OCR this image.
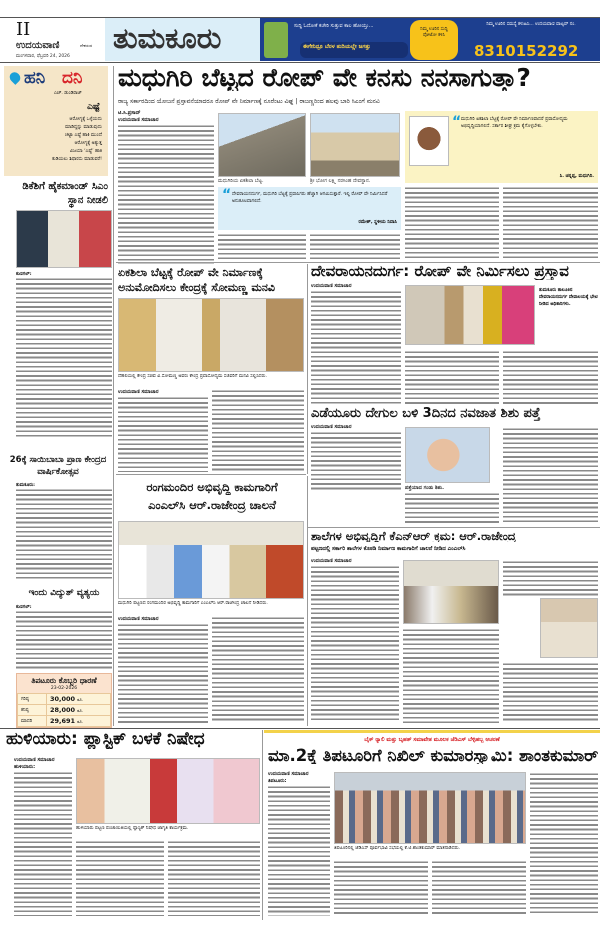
II
ಉದಯವಾಣಿ	ದೇಶಸಂರ
ಮಂಗಳವಾರ, ಫೆಬ್ರವರಿ 24, 2026
ತುಮಕೂರು	ಸುದ್ದಿ ಓದೋಕೆ ಕಚೇರಿ ಸುತ್ತುವ ಕಾಲ ಹೋಯ್ತು...
ಈಗೇನಿದ್ರೂ ಬೆರಳ ತುದಿಯಲ್ಲೇ ಜಗತ್ತು
ನಿಮ್ಮ ಊರಿನ ಸುದ್ದಿ ಪೋಟೋ ಕಳಿಸಿ
ನಿಮ್ಮ ಊರಿನ ಸಮಸ್ಯೆ ಕಳುಹಿಸಿ... ಉದಯವಾಣಿ ವಾಟ್ಸಪ್ ನಂ.
8310152292
ಹನಿ ದನಿ
ಎಚ್. ಡುಂಡಿರಾಜ್
ಎಷ್ಟೆ
ಆರೋಗ್ಯಕ್ಕೆ ಒಳ್ಳೆಯದು
ಮಾಡಿದ್ದನ್ನು ಮಾಡುವುದು
ಚಟ್ಟಾ ಎಷ್ಟೆ ಹಾಕಿ ಮುಂದೆ
ಆರೋಗ್ಯಕ್ಕೆ ಅತ್ಯುತ್ತ
ವಿಜಯಾ ‘ಎಷ್ಟೆ’ ಹಾಕಿ
ಕುಡಿಯಲು ಶಿಫಾರಸು ಮಾಡುವರೆ!
ಡಿಕೆಶಿಗೆ ಹೈಕಮಾಂಡ್ ಸಿಎಂ ಸ್ಥಾನ ನೀಡಲಿ
ಕುಣಿಗಲ್:
26ಕ್ಕೆ ಸಾಯಿಬಾಬಾ ಪ್ರಾಣ ಕೇಂದ್ರದ ವಾರ್ಷಿಕೋತ್ಸವ
ತುಮಕೂರು:
ಇಂದು ವಿದ್ಯುತ್ ವ್ಯತ್ಯಯ
ಕುಣಿಗಲ್:
ತಿಪಟೂರು ಕೊಬ್ಬರಿ ಧಾರಣೆ
23-02-2026
ಗರಿಷ್ಠ	30,000 ರೂ.
ಕನಿಷ್ಠ	28,000 ರೂ.
ಮಾದರಿ	29,691 ರೂ.
ಮಧುಗಿರಿ ಬೆಟ್ಟದ ರೋಪ್ ವೇ ಕನಸು ನನಸಾಗುತ್ತಾ?
ರಾಜ್ಯ ಸರ್ಕಾರದಿಂದ ಯೋಜನೆ ಪ್ರಸ್ತಾವನೆಯಾದರೂ ರೋಪ್ ವೇ ನಿರ್ಮಾಣಕ್ಕೆ ನೂರೆಂಟು ವಿಘ್ನ | ರಾಜಣ್ಣರಿಂದ ಹಲವು ಬಾರಿ ಸಿಎಂಗೆ ಮನವಿ
ಟಿ.ಸಿ.ಪ್ರಸಾದ್
ಉದಯವಾಣಿ ಸಮಾಚಾರ
ಮಧುಗಿರಿಯ ಏಕಶಿಲಾ ಬೆಟ್ಟ.	ಶ್ರೀ ಭೋಗ ಲಕ್ಷ್ಮಿ ನರಸಿಂಹ ದೇವಸ್ಥಾನ.
“ ಮಧುಗಿರಿ ಏಕಶಿಲಾ ಬೆಟ್ಟಕ್ಕೆ ರೋಪ್ ವೇ ನಿರ್ಮಾಣವಾದರೆ ಪ್ರವಾಸೋದ್ಯಮ ಅಭಿವೃದ್ಧಿಯಾಗಲಿದೆ. ಸರ್ಕಾರ ಶೀಘ್ರ ಕ್ರಮ ಕೈಗೊಳ್ಳಬೇಕು.
ಸಿ. ಚನ್ನಪ್ಪ, ಮಧುಗಿರಿ.
“ ದೇವರಾಯನದುರ್ಗ, ಮಧುಗಿರಿ ಬೆಟ್ಟಕ್ಕೆ ಪ್ರವಾಸಿಗರು ಹೆಚ್ಚಾಗಿ ಆಗಮಿಸುತ್ತಾರೆ. ಇಲ್ಲಿ ರೋಪ್ ವೇ ನಿರ್ಮಿಸಿದರೆ ಅನುಕೂಲವಾಗಲಿದೆ.
ರಮೇಶ್, ಸ್ಥಳೀಯ ನಿವಾಸಿ
ಏಕಶಿಲಾ ಬೆಟ್ಟಕ್ಕೆ ರೋಪ್ ವೇ ನಿರ್ಮಾಣಕ್ಕೆ
ಅನುಮೋದಿಸಲು ಕೇಂದ್ರಕ್ಕೆ ಸೋಮಣ್ಣ ಮನವಿ
ದೆಹಲಿಯಲ್ಲಿ ಕೇಂದ್ರ ಸಚಿವ ವಿ.ಸೋಮಣ್ಣ ಅವರು ಕೇಂದ್ರ ಪ್ರವಾಸೋದ್ಯಮ ಸಚಿವರಿಗೆ ಮನವಿ ಸಲ್ಲಿಸಿದರು.
ಉದಯವಾಣಿ ಸಮಾಚಾರ
ದೇವರಾಯನದುರ್ಗ: ರೋಪ್ ವೇ ನಿರ್ಮಿಸಲು ಪ್ರಸ್ತಾವ
ಉದಯವಾಣಿ ಸಮಾಚಾರ
ತುಮಕೂರು ತಾಲೂಕಿನ ದೇವರಾಯನದುರ್ಗ ದೇವಾಲಯಕ್ಕೆ ಭೇಟಿ ನೀಡಿದ ಅಧಿಕಾರಿಗಳು.
ಎಡೆಯೂರು ದೇಗುಲ ಬಳಿ 3ದಿನದ ನವಜಾತ ಶಿಶು ಪತ್ತೆ
ಉದಯವಾಣಿ ಸಮಾಚಾರ
ಪತ್ತೆಯಾದ ಗಂಡು ಶಿಶು.
ರಂಗಮಂದಿರ ಅಭಿವೃದ್ಧಿ ಕಾಮಗಾರಿಗೆ
ಎಂಎಲ್‌ಸಿ ಆರ್.ರಾಜೇಂದ್ರ ಚಾಲನೆ
ಮಧುಗಿರಿ ಪಟ್ಟಣದ ರಂಗಮಂದಿರ ಅಭಿವೃದ್ಧಿ ಕಾಮಗಾರಿಗೆ ಎಂಎಲ್‌ಸಿ ಆರ್.ರಾಜೇಂದ್ರ ಚಾಲನೆ ನೀಡಿದರು.
ಉದಯವಾಣಿ ಸಮಾಚಾರ
ಶಾಲೆಗಳ ಅಭಿವೃದ್ಧಿಗೆ ಕೆಎನ್‌ಆರ್ ಕ್ರಮ: ಆರ್.ರಾಜೇಂದ್ರ
ಪಟ್ಟಣದಲ್ಲಿ ಸರ್ಕಾರಿ ಶಾಲೆಗಳ ಕೊಠಡಿ ನಿರ್ಮಾಣ ಕಾಮಗಾರಿಗೆ ಚಾಲನೆ ನೀಡಿದ ಎಂಎಲ್‌ಸಿ
ಉದಯವಾಣಿ ಸಮಾಚಾರ
ಹುಳಿಯಾರು: ಪ್ಲಾಸ್ಟಿಕ್ ಬಳಕೆ ನಿಷೇಧ
ಉದಯವಾಣಿ ಸಮಾಚಾರ
ಹುಳಿಯಾರು:
ಹುಳಿಯಾರು ಪಟ್ಟಣ ಪಂಚಾಯಿತಿಯಲ್ಲಿ ಪ್ಲಾಸ್ಟಿಕ್ ನಿಷೇಧ ಜಾಗೃತಿ ಕಾರ್ಯಕ್ರಮ.
ಬೈಕ್ ರ್‍ಯಾಲಿ ಮತ್ತು ಬೃಹತ್ ಸಮಾವೇಶ ಮೂಲಕ ಜೆಡಿಎಸ್ ಬೆಳ್ಳಿಹಬ್ಬ ಆಚರಣೆ
ಮಾ.2ಕ್ಕೆ ತಿಪಟೂರಿಗೆ ನಿಖಿಲ್ ಕುಮಾರಸ್ವಾಮಿ: ಶಾಂತಕುಮಾರ್
ಉದಯವಾಣಿ ಸಮಾಚಾರ
ತಿಪಟೂರು:
ತಿಪಟೂರಿನಲ್ಲಿ ಜೆಡಿಎಸ್ ಪೂರ್ವಭಾವಿ ಸಭೆಯಲ್ಲಿ ಕೆ.ಟಿ.ಶಾಂತಕುಮಾರ್ ಮಾತನಾಡಿದರು.
